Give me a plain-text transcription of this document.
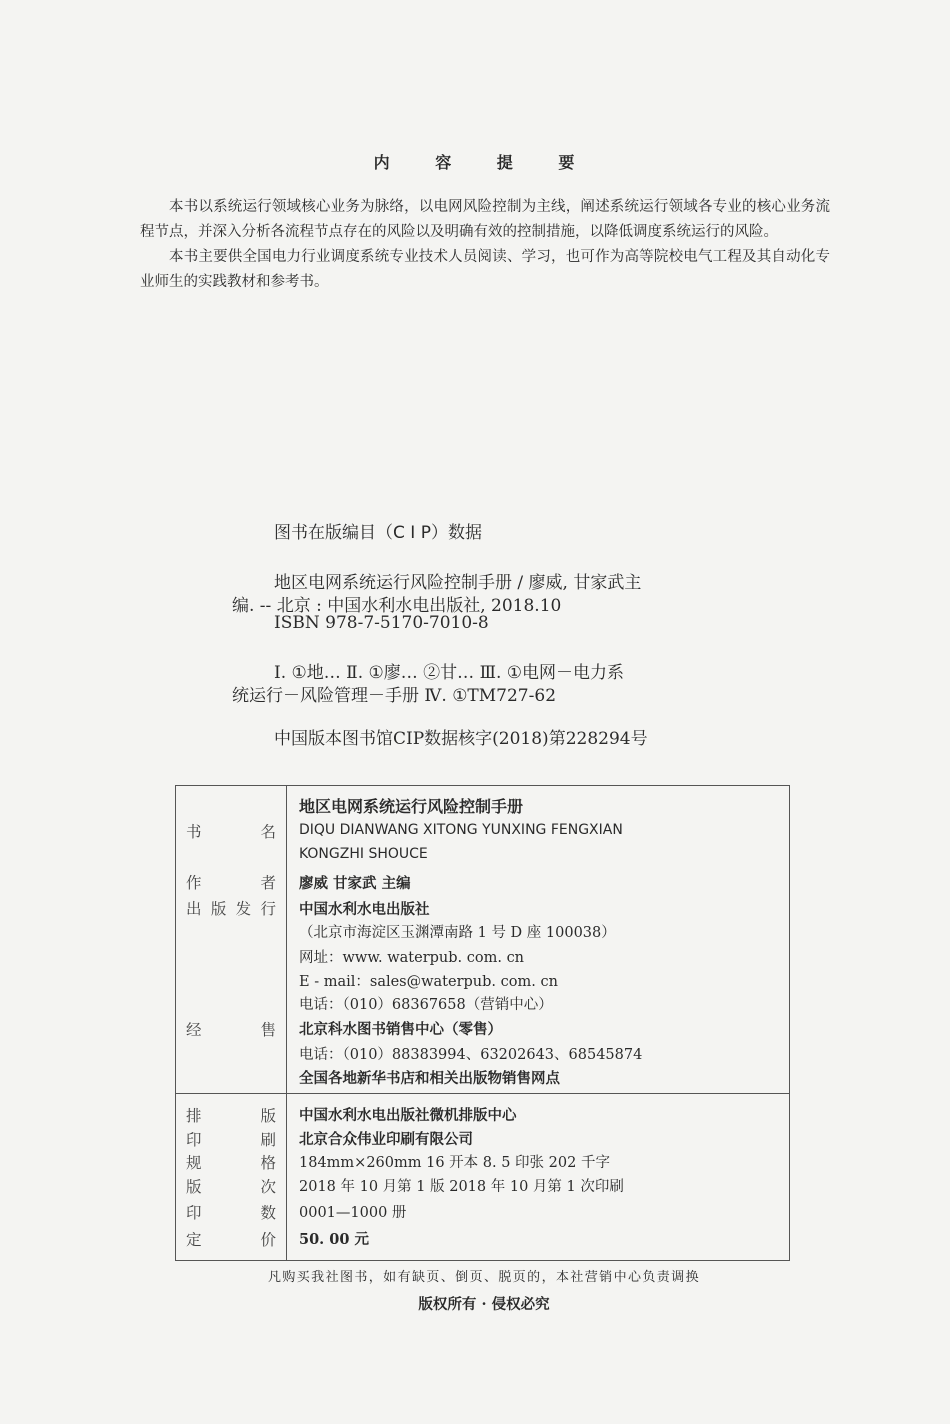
内 容 提 要

本书以系统运行领域核心业务为脉络，以电网风险控制为主线，阐述系统运行领域各专业的核心业务流程节点，并深入分析各流程节点存在的风险以及明确有效的控制措施，以降低调度系统运行的风险。

本书主要供全国电力行业调度系统专业技术人员阅读、学习，也可作为高等院校电气工程及其自动化专业师生的实践教材和参考书。

图书在版编目（C I P）数据
地区电网系统运行风险控制手册 / 廖威, 甘家武主
编. -- 北京 : 中国水利水电出版社, 2018.10
ISBN 978-7-5170-7010-8
Ⅰ. ①地… Ⅱ. ①廖… ②甘… Ⅲ. ①电网－电力系
统运行－风险管理－手册 Ⅳ. ①TM727-62
中国版本图书馆CIP数据核字(2018)第228294号
书	名
地区电网系统运行风险控制手册
DIQU DIANWANG XITONG YUNXING FENGXIAN
KONGZHI SHOUCE
作	者 廖威 甘家武 主编
出 版 发 行 中国水利水电出版社
（北京市海淀区玉渊潭南路 1 号 D 座 100038）
网址：www. waterpub. com. cn
E - mail：sales@waterpub. com. cn
电话：（010）68367658（营销中心）
经	售 北京科水图书销售中心（零售）
电话：（010）88383994、63202643、68545874
全国各地新华书店和相关出版物销售网点
排	版 中国水利水电出版社微机排版中心
印	刷 北京合众伟业印刷有限公司
规	格 184mm×260mm 16 开本 8. 5 印张 202 千字
版	次 2018 年 10 月第 1 版 2018 年 10 月第 1 次印刷
印	数 0001—1000 册
定	价 50. 00 元
凡购买我社图书，如有缺页、倒页、脱页的，本社营销中心负责调换
版权所有 · 侵权必究
